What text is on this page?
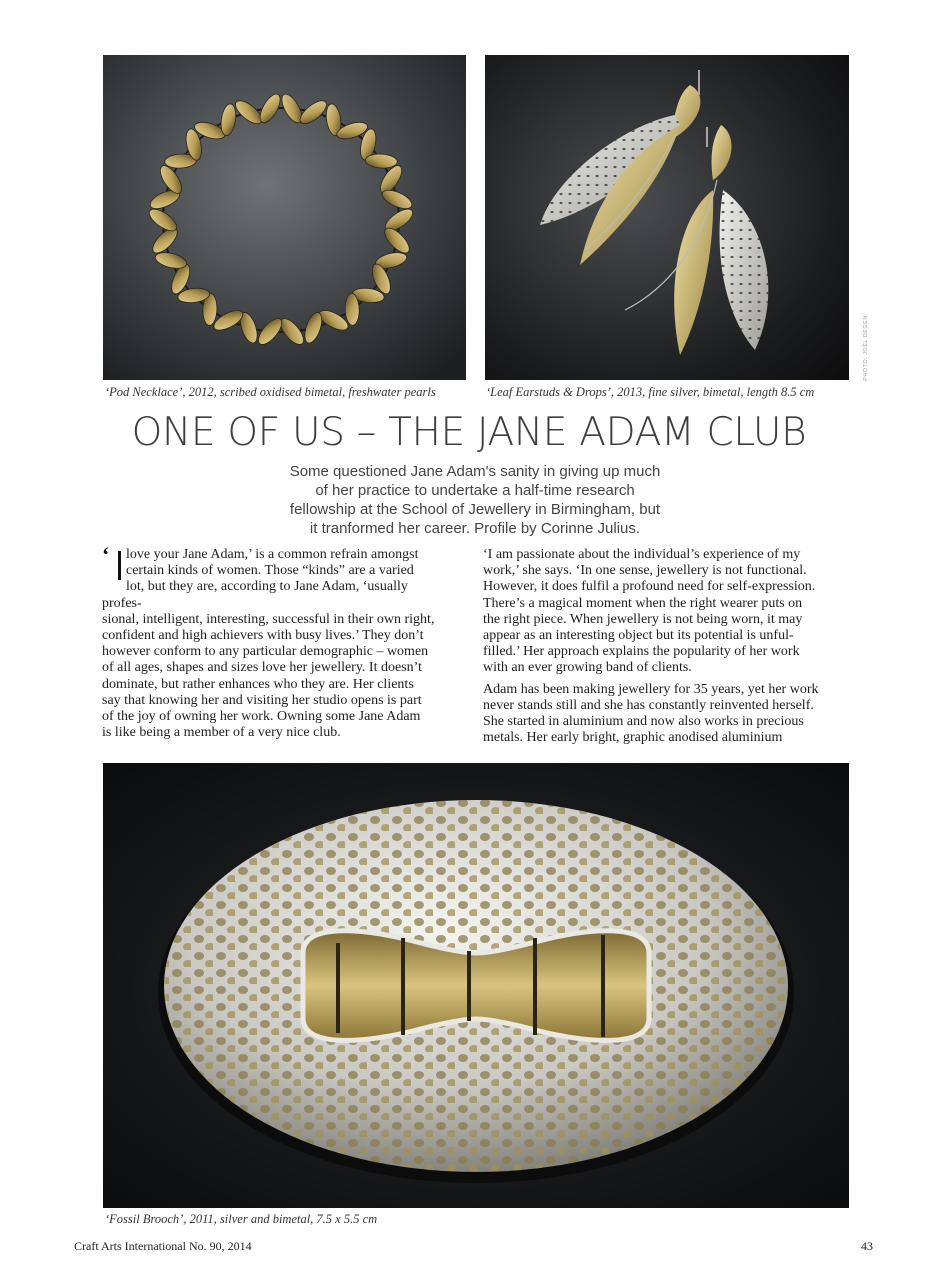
PHOTO: JOËL DEGEN
‘Pod Necklace’, 2012, scribed oxidised bimetal, freshwater pearls	‘Leaf Earstuds & Drops’, 2013, fine silver, bimetal, length 8.5 cm
ONE OF US – THE JANE ADAM CLUB
Some questioned Jane Adam's sanity in giving up much
of her practice to undertake a half-time research
fellowship at the School of Jewellery in Birmingham, but
it tranformed her career. Profile by Corinne Julius.
‘	love your Jane Adam,’ is a common refrain amongst
certain kinds of women. Those “kinds” are a varied
lot, but they are, according to Jane Adam, ‘usually
profes-
sional, intelligent, interesting, successful in their own right,
confident and high achievers with busy lives.’ They don’t
however conform to any particular demographic – women
of all ages, shapes and sizes love her jewellery. It doesn’t
dominate, but rather enhances who they are. Her clients
say that knowing her and visiting her studio opens is part
of the joy of owning her work. Owning some Jane Adam
is like being a member of a very nice club.
‘I am passionate about the individual’s experience of my
work,’ she says. ‘In one sense, jewellery is not functional.
However, it does fulfil a profound need for self-expression.
There’s a magical moment when the right wearer puts on
the right piece. When jewellery is not being worn, it may
appear as an interesting object but its potential is unful-
filled.’ Her approach explains the popularity of her work
with an ever growing band of clients.
Adam has been making jewellery for 35 years, yet her work
never stands still and she has constantly reinvented herself.
She started in aluminium and now also works in precious
metals. Her early bright, graphic anodised aluminium
‘Fossil Brooch’, 2011, silver and bimetal, 7.5 x 5.5 cm
Craft Arts International No. 90, 2014	43
